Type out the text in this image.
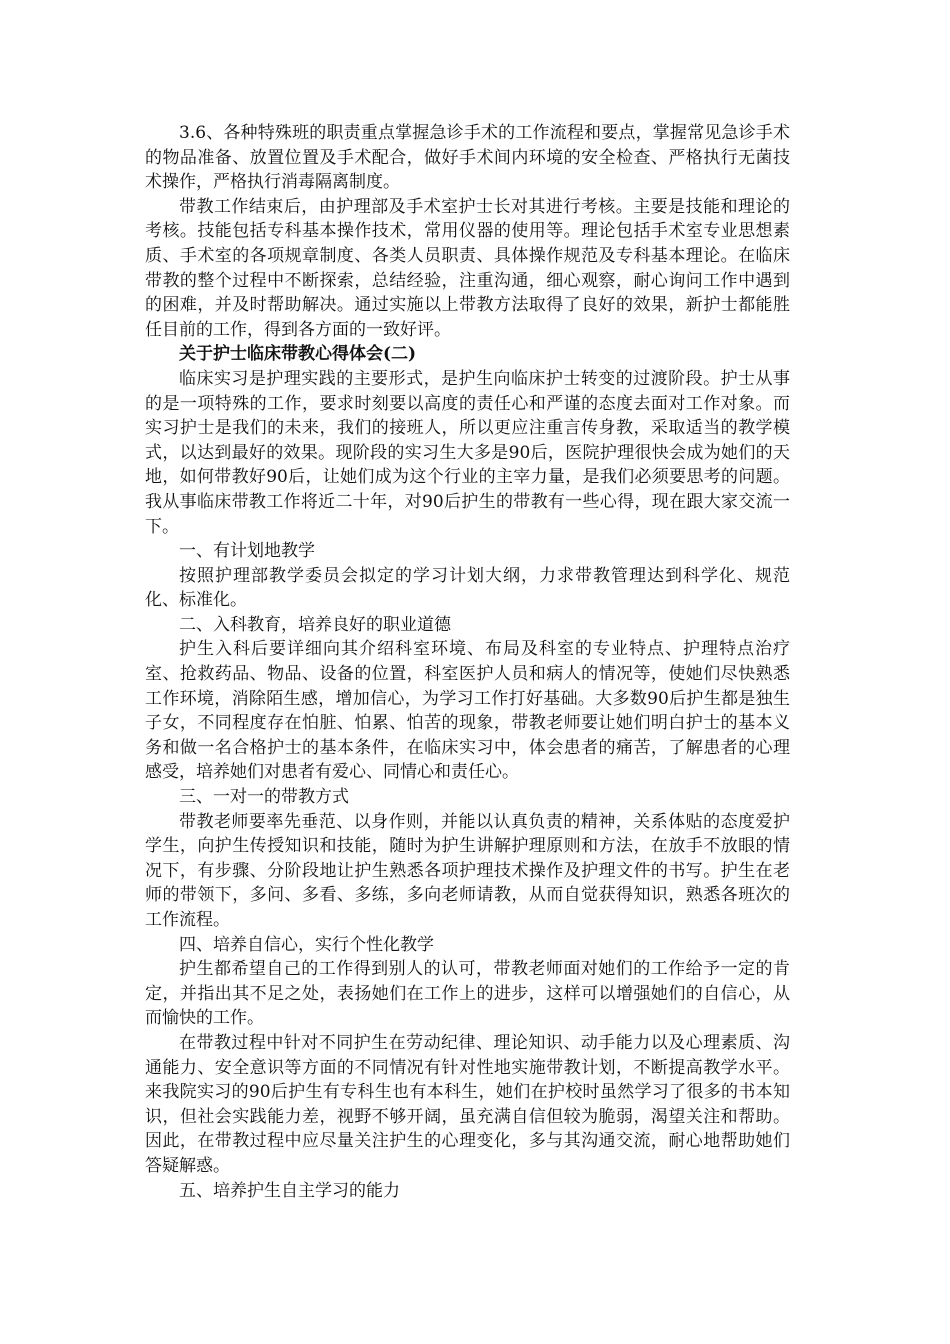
3.6、各种特殊班的职责重点掌握急诊手术的工作流程和要点，掌握常见急诊手术的物品准备、放置位置及手术配合，做好手术间内环境的安全检查、严格执行无菌技术操作，严格执行消毒隔离制度。

带教工作结束后，由护理部及手术室护士长对其进行考核。主要是技能和理论的考核。技能包括专科基本操作技术，常用仪器的使用等。理论包括手术室专业思想素质、手术室的各项规章制度、各类人员职责、具体操作规范及专科基本理论。在临床带教的整个过程中不断探索，总结经验，注重沟通，细心观察，耐心询问工作中遇到的困难，并及时帮助解决。通过实施以上带教方法取得了良好的效果，新护士都能胜任目前的工作，得到各方面的一致好评。

关于护士临床带教心得体会(二)

临床实习是护理实践的主要形式，是护生向临床护士转变的过渡阶段。护士从事的是一项特殊的工作，要求时刻要以高度的责任心和严谨的态度去面对工作对象。而实习护士是我们的未来，我们的接班人，所以更应注重言传身教，采取适当的教学模式，以达到最好的效果。现阶段的实习生大多是90后，医院护理很快会成为她们的天地，如何带教好90后，让她们成为这个行业的主宰力量，是我们必须要思考的问题。我从事临床带教工作将近二十年，对90后护生的带教有一些心得，现在跟大家交流一下。

一、有计划地教学

按照护理部教学委员会拟定的学习计划大纲，力求带教管理达到科学化、规范化、标准化。

二、入科教育，培养良好的职业道德

护生入科后要详细向其介绍科室环境、布局及科室的专业特点、护理特点治疗室、抢救药品、物品、设备的位置，科室医护人员和病人的情况等，使她们尽快熟悉工作环境，消除陌生感，增加信心，为学习工作打好基础。大多数90后护生都是独生子女，不同程度存在怕脏、怕累、怕苦的现象，带教老师要让她们明白护士的基本义务和做一名合格护士的基本条件，在临床实习中，体会患者的痛苦，了解患者的心理感受，培养她们对患者有爱心、同情心和责任心。

三、一对一的带教方式

带教老师要率先垂范、以身作则，并能以认真负责的精神，关系体贴的态度爱护学生，向护生传授知识和技能，随时为护生讲解护理原则和方法，在放手不放眼的情况下，有步骤、分阶段地让护生熟悉各项护理技术操作及护理文件的书写。护生在老师的带领下，多问、多看、多练，多向老师请教，从而自觉获得知识，熟悉各班次的工作流程。

四、培养自信心，实行个性化教学

护生都希望自己的工作得到别人的认可，带教老师面对她们的工作给予一定的肯定，并指出其不足之处，表扬她们在工作上的进步，这样可以增强她们的自信心，从而愉快的工作。

在带教过程中针对不同护生在劳动纪律、理论知识、动手能力以及心理素质、沟通能力、安全意识等方面的不同情况有针对性地实施带教计划，不断提高教学水平。来我院实习的90后护生有专科生也有本科生，她们在护校时虽然学习了很多的书本知识，但社会实践能力差，视野不够开阔，虽充满自信但较为脆弱，渴望关注和帮助。因此，在带教过程中应尽量关注护生的心理变化，多与其沟通交流，耐心地帮助她们答疑解惑。

五、培养护生自主学习的能力
